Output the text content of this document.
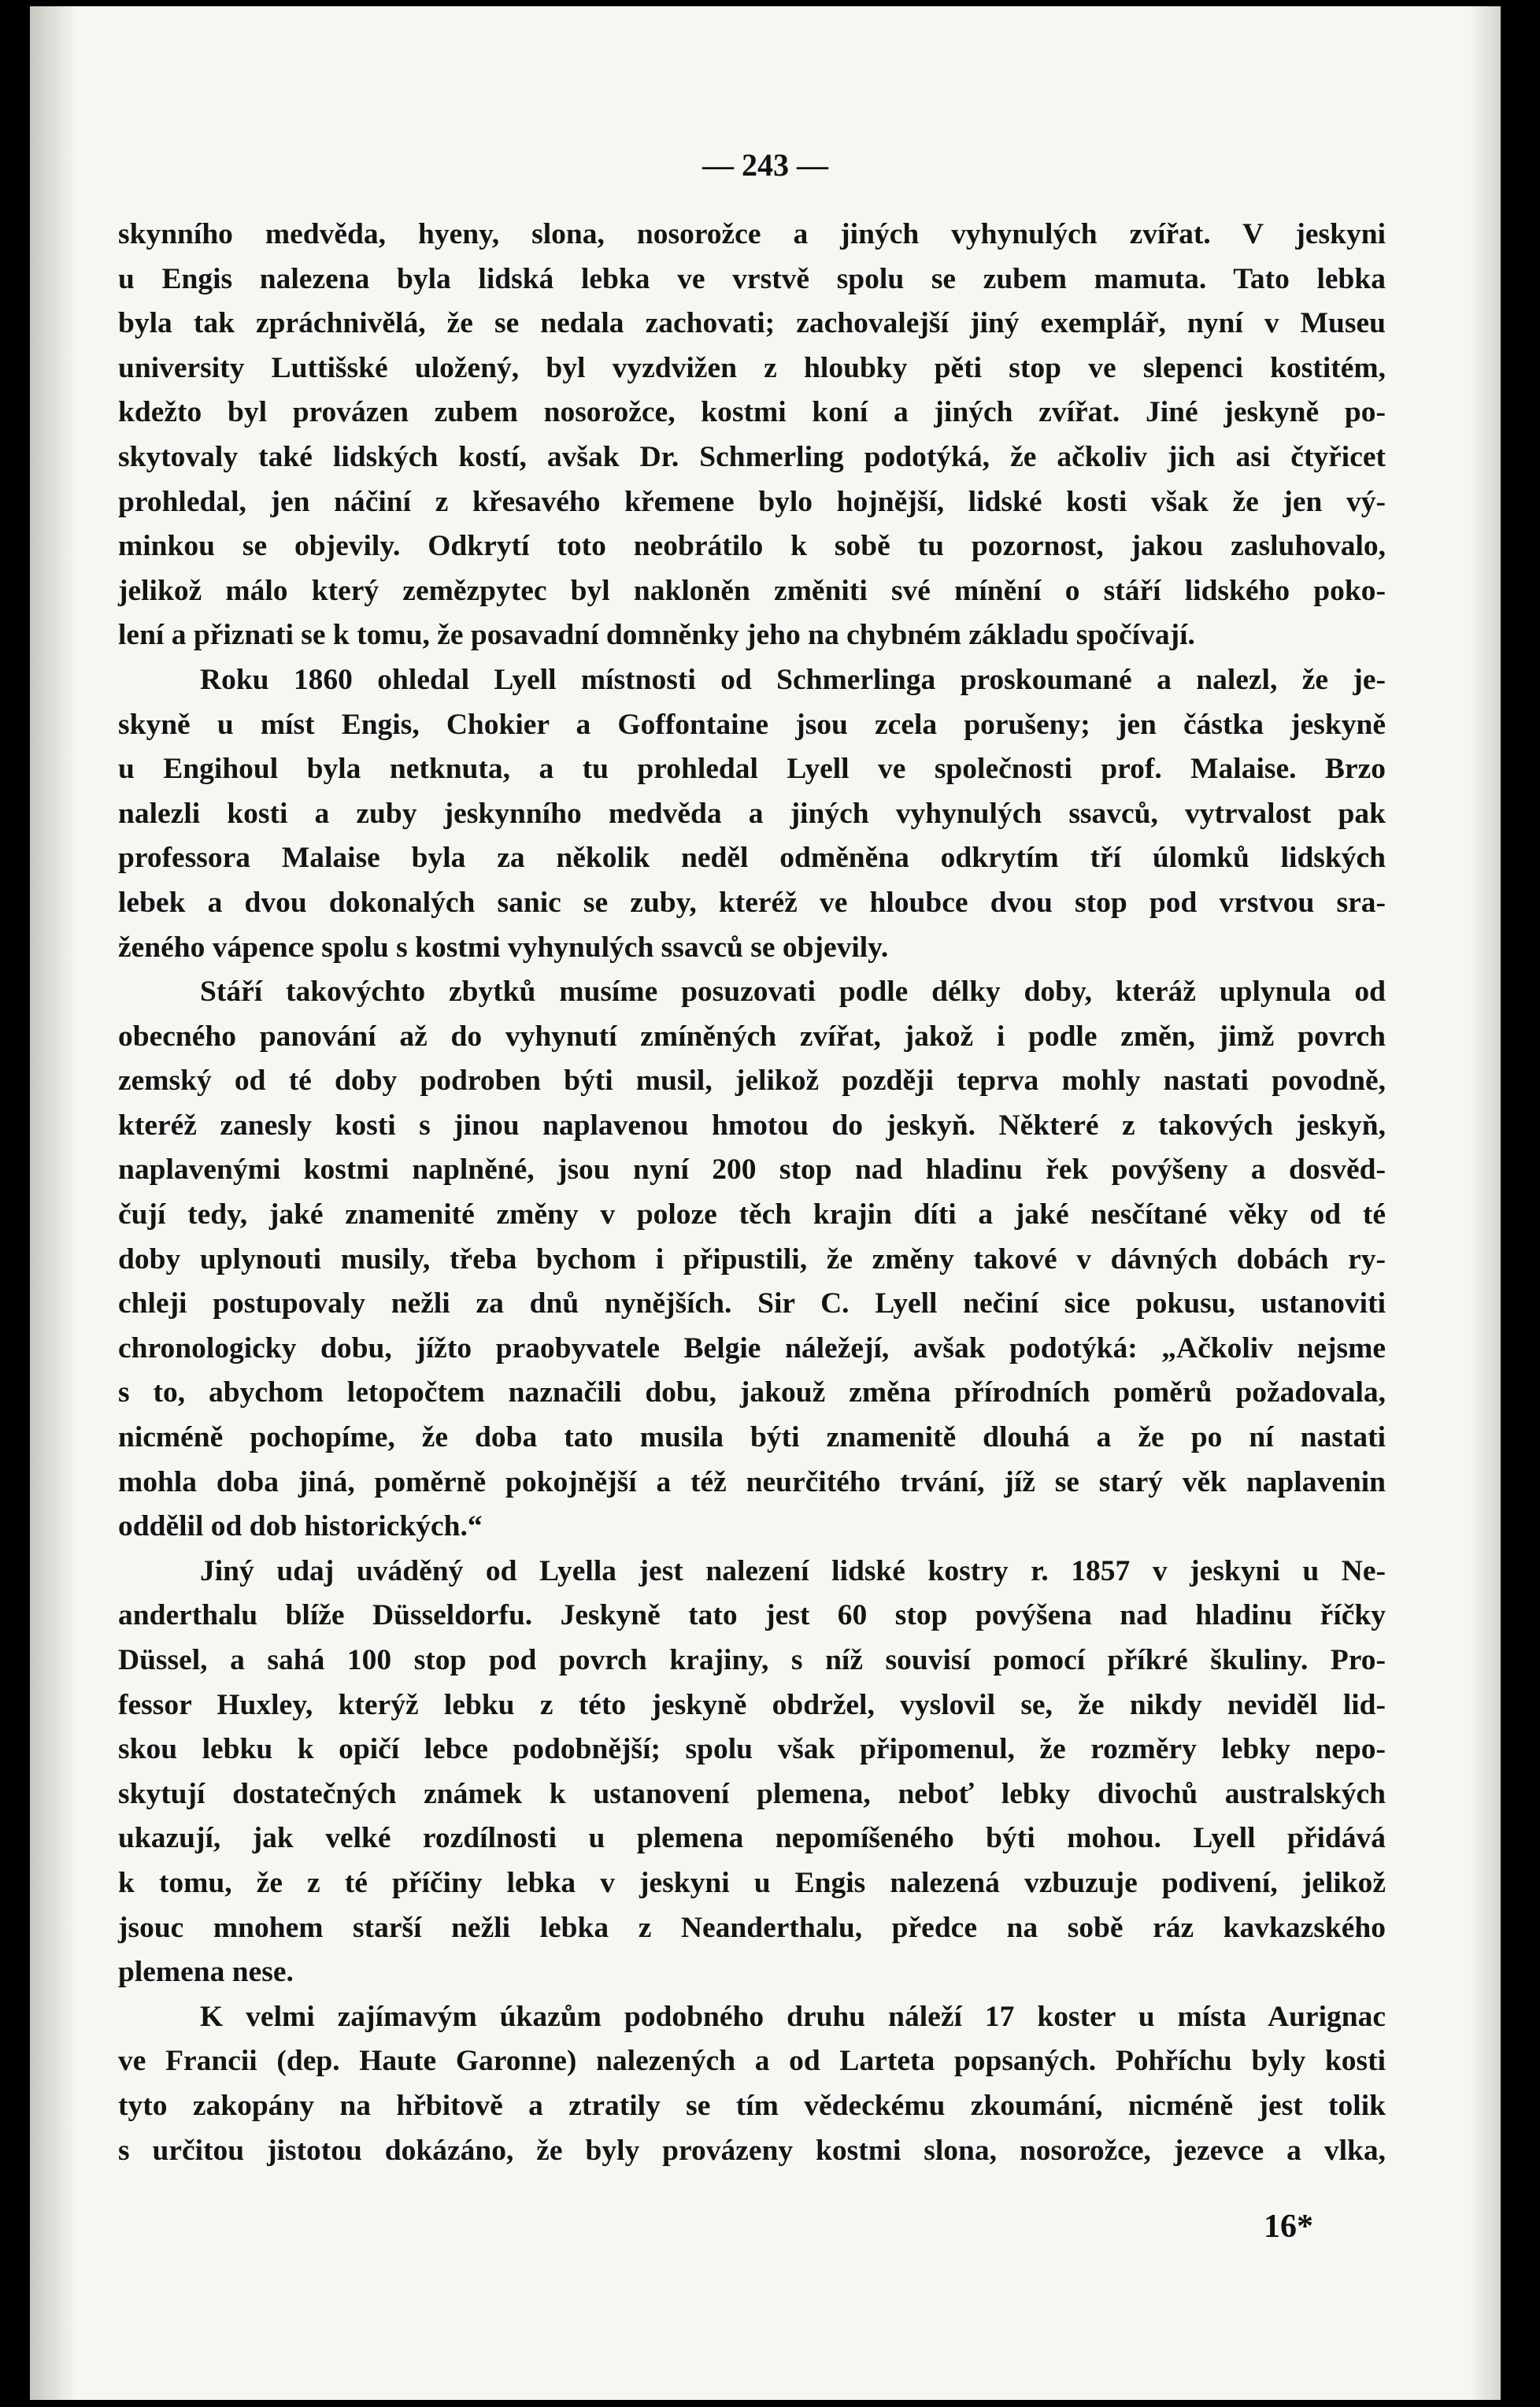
— 243 —
skynního medvěda, hyeny, slona, nosorožce a jiných vyhynulých zvířat. V jeskyni
u Engis nalezena byla lidská lebka ve vrstvě spolu se zubem mamuta. Tato lebka
byla tak zpráchnivělá, že se nedala zachovati; zachovalejší jiný exemplář, nyní v Museu
university Luttišské uložený, byl vyzdvižen z hloubky pěti stop ve slepenci kostitém,
kdežto byl provázen zubem nosorožce, kostmi koní a jiných zvířat. Jiné jeskyně po-
skytovaly také lidských kostí, avšak Dr. Schmerling podotýká, že ačkoliv jich asi čtyřicet
prohledal, jen náčiní z křesavého křemene bylo hojnější, lidské kosti však že jen vý-
minkou se objevily. Odkrytí toto neobrátilo k sobě tu pozornost, jakou zasluhovalo,
jelikož málo který zemězpytec byl nakloněn změniti své mínění o stáří lidského poko-
lení a přiznati se k tomu, že posavadní domněnky jeho na chybném základu spočívají.
Roku 1860 ohledal Lyell místnosti od Schmerlinga proskoumané a nalezl, že je-
skyně u míst Engis, Chokier a Goffontaine jsou zcela porušeny; jen částka jeskyně
u Engihoul byla netknuta, a tu prohledal Lyell ve společnosti prof. Malaise. Brzo
nalezli kosti a zuby jeskynního medvěda a jiných vyhynulých ssavců, vytrvalost pak
professora Malaise byla za několik neděl odměněna odkrytím tří úlomků lidských
lebek a dvou dokonalých sanic se zuby, kteréž ve hloubce dvou stop pod vrstvou sra-
ženého vápence spolu s kostmi vyhynulých ssavců se objevily.
Stáří takovýchto zbytků musíme posuzovati podle délky doby, kteráž uplynula od
obecného panování až do vyhynutí zmíněných zvířat, jakož i podle změn, jimž povrch
zemský od té doby podroben býti musil, jelikož později teprva mohly nastati povodně,
kteréž zanesly kosti s jinou naplavenou hmotou do jeskyň. Některé z takových jeskyň,
naplavenými kostmi naplněné, jsou nyní 200 stop nad hladinu řek povýšeny a dosvěd-
čují tedy, jaké znamenité změny v poloze těch krajin díti a jaké nesčítané věky od té
doby uplynouti musily, třeba bychom i připustili, že změny takové v dávných dobách ry-
chleji postupovaly nežli za dnů nynějších. Sir C. Lyell nečiní sice pokusu, ustanoviti
chronologicky dobu, jížto praobyvatele Belgie náležejí, avšak podotýká: „Ačkoliv nejsme
s to, abychom letopočtem naznačili dobu, jakouž změna přírodních poměrů požadovala,
nicméně pochopíme, že doba tato musila býti znamenitě dlouhá a že po ní nastati
mohla doba jiná, poměrně pokojnější a též neurčitého trvání, jíž se starý věk naplavenin
oddělil od dob historických.“
Jiný udaj uváděný od Lyella jest nalezení lidské kostry r. 1857 v jeskyni u Ne-
anderthalu blíže Düsseldorfu. Jeskyně tato jest 60 stop povýšena nad hladinu říčky
Düssel, a sahá 100 stop pod povrch krajiny, s níž souvisí pomocí příkré škuliny. Pro-
fessor Huxley, kterýž lebku z této jeskyně obdržel, vyslovil se, že nikdy neviděl lid-
skou lebku k opičí lebce podobnější; spolu však připomenul, že rozměry lebky nepo-
skytují dostatečných známek k ustanovení plemena, neboť lebky divochů australských
ukazují, jak velké rozdílnosti u plemena nepomíšeného býti mohou. Lyell přidává
k tomu, že z té příčiny lebka v jeskyni u Engis nalezená vzbuzuje podivení, jelikož
jsouc mnohem starší nežli lebka z Neanderthalu, předce na sobě ráz kavkazského
plemena nese.
K velmi zajímavým úkazům podobného druhu náleží 17 koster u místa Aurignac
ve Francii (dep. Haute Garonne) nalezených a od Larteta popsaných. Pohříchu byly kosti
tyto zakopány na hřbitově a ztratily se tím vědeckému zkoumání, nicméně jest tolik
s určitou jistotou dokázáno, že byly provázeny kostmi slona, nosorožce, jezevce a vlka,
16*
